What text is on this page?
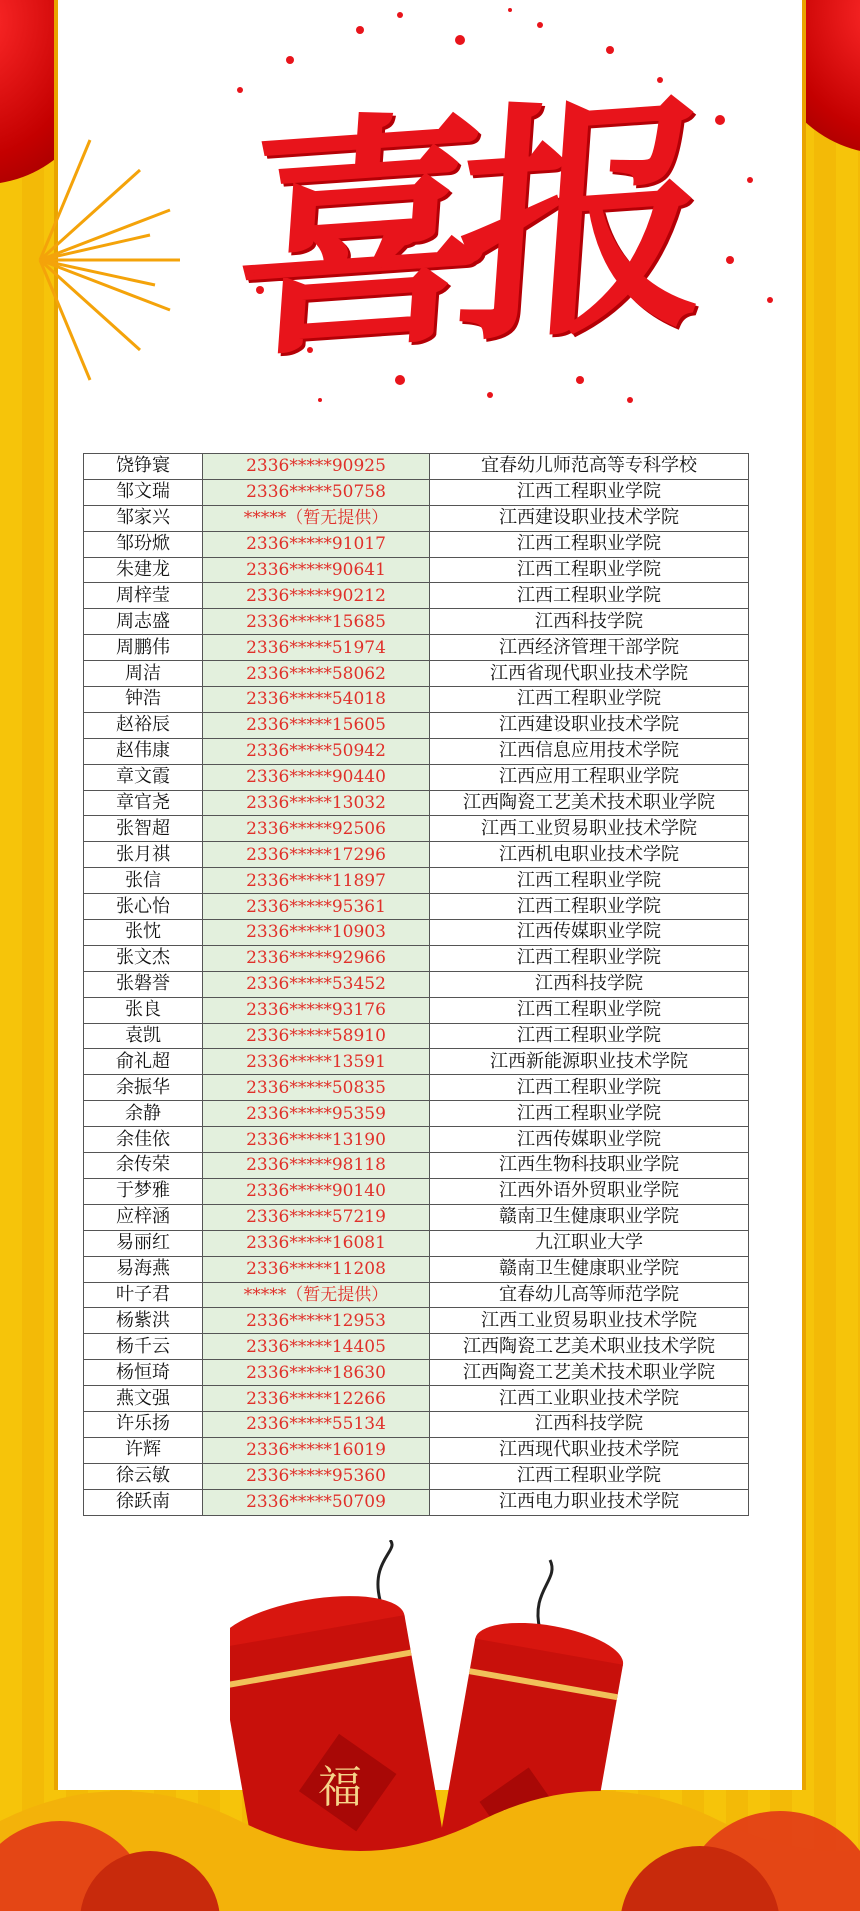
喜报
饶铮寰	2336*****90925	宜春幼儿师范高等专科学校
邹文瑞	2336*****50758	江西工程职业学院
邹家兴	*****（暂无提供）	江西建设职业技术学院
邹玢焮	2336*****91017	江西工程职业学院
朱建龙	2336*****90641	江西工程职业学院
周梓莹	2336*****90212	江西工程职业学院
周志盛	2336*****15685	江西科技学院
周鹏伟	2336*****51974	江西经济管理干部学院
周洁	2336*****58062	江西省现代职业技术学院
钟浩	2336*****54018	江西工程职业学院
赵裕辰	2336*****15605	江西建设职业技术学院
赵伟康	2336*****50942	江西信息应用技术学院
章文霞	2336*****90440	江西应用工程职业学院
章官尧	2336*****13032	江西陶瓷工艺美术技术职业学院
张智超	2336*****92506	江西工业贸易职业技术学院
张月祺	2336*****17296	江西机电职业技术学院
张信	2336*****11897	江西工程职业学院
张心怡	2336*****95361	江西工程职业学院
张忱	2336*****10903	江西传媒职业学院
张文杰	2336*****92966	江西工程职业学院
张磐誉	2336*****53452	江西科技学院
张良	2336*****93176	江西工程职业学院
袁凯	2336*****58910	江西工程职业学院
俞礼超	2336*****13591	江西新能源职业技术学院
余振华	2336*****50835	江西工程职业学院
余静	2336*****95359	江西工程职业学院
余佳依	2336*****13190	江西传媒职业学院
余传荣	2336*****98118	江西生物科技职业学院
于梦雅	2336*****90140	江西外语外贸职业学院
应梓涵	2336*****57219	赣南卫生健康职业学院
易丽红	2336*****16081	九江职业大学
易海燕	2336*****11208	赣南卫生健康职业学院
叶子君	*****（暂无提供）	宜春幼儿高等师范学院
杨紫洪	2336*****12953	江西工业贸易职业技术学院
杨千云	2336*****14405	江西陶瓷工艺美术职业技术学院
杨恒琦	2336*****18630	江西陶瓷工艺美术技术职业学院
燕文强	2336*****12266	江西工业职业技术学院
许乐扬	2336*****55134	江西科技学院
许辉	2336*****16019	江西现代职业技术学院
徐云敏	2336*****95360	江西工程职业学院
徐跃南	2336*****50709	江西电力职业技术学院
福
